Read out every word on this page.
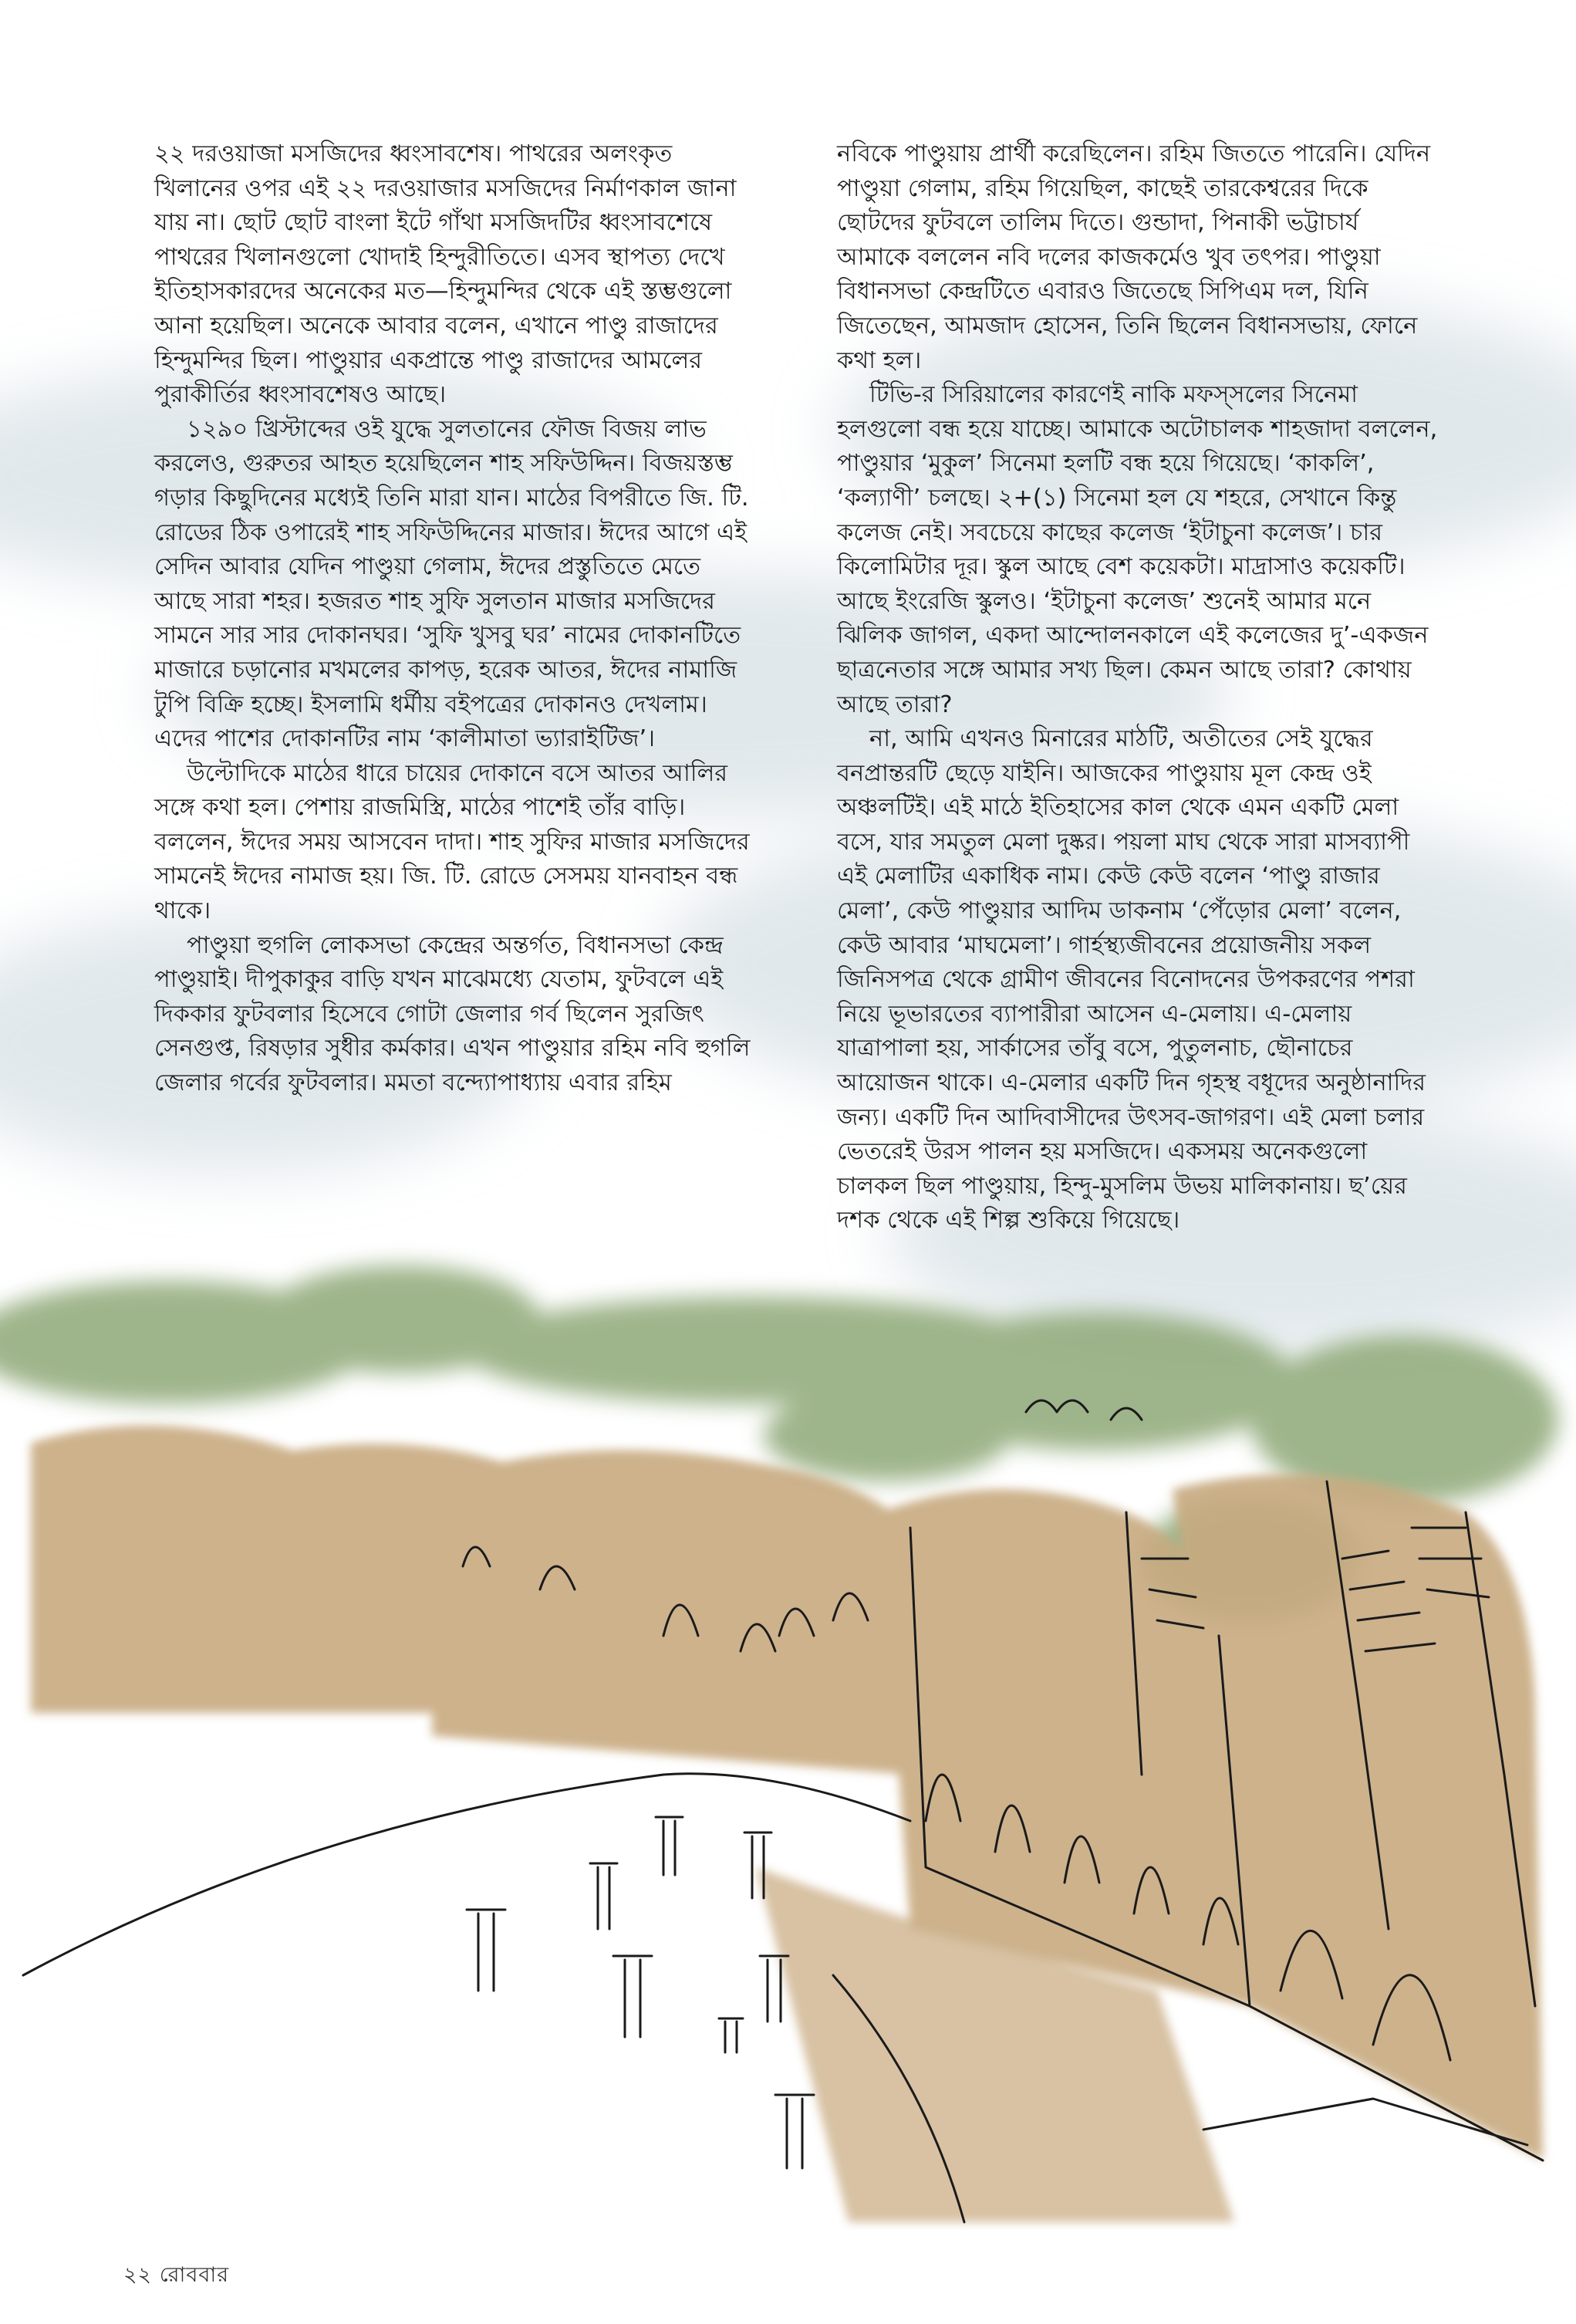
২২ দরওয়াজা মসজিদের ধ্বংসাবশেষ। পাথরের অলংকৃত খিলানের ওপর এই ২২ দরওয়াজার মসজিদের নির্মাণকাল জানা যায় না। ছোট ছোট বাংলা ইটে গাঁথা মসজিদটির ধ্বংসাবশেষে পাথরের খিলানগুলো খোদাই হিন্দুরীতিতে। এসব স্থাপত্য দেখে ইতিহাসকারদের অনেকের মত—হিন্দুমন্দির থেকে এই স্তম্ভগুলো আনা হয়েছিল। অনেকে আবার বলেন, এখানে পাণ্ডু রাজাদের হিন্দুমন্দির ছিল। পাণ্ডুয়ার একপ্রান্তে পাণ্ডু রাজাদের আমলের পুরাকীর্তির ধ্বংসাবশেষও আছে।

১২৯০ খ্রিস্টাব্দের ওই যুদ্ধে সুলতানের ফৌজ বিজয় লাভ করলেও, গুরুতর আহত হয়েছিলেন শাহ সফিউদ্দিন। বিজয়স্তম্ভ গড়ার কিছুদিনের মধ্যেই তিনি মারা যান। মাঠের বিপরীতে জি. টি. রোডের ঠিক ওপারেই শাহ সফিউদ্দিনের মাজার। ঈদের আগে এই সেদিন আবার যেদিন পাণ্ডুয়া গেলাম, ঈদের প্রস্তুতিতে মেতে আছে সারা শহর। হজরত শাহ সুফি সুলতান মাজার মসজিদের সামনে সার সার দোকানঘর। ‘সুফি খুসবু ঘর’ নামের দোকানটিতে মাজারে চড়ানোর মখমলের কাপড়, হরেক আতর, ঈদের নামাজি টুপি বিক্রি হচ্ছে। ইসলামি ধর্মীয় বইপত্রের দোকানও দেখলাম। এদের পাশের দোকানটির নাম ‘কালীমাতা ভ্যারাইটিজ’।

উল্টোদিকে মাঠের ধারে চায়ের দোকানে বসে আতর আলির সঙ্গে কথা হল। পেশায় রাজমিস্ত্রি, মাঠের পাশেই তাঁর বাড়ি। বললেন, ঈদের সময় আসবেন দাদা। শাহ সুফির মাজার মসজিদের সামনেই ঈদের নামাজ হয়। জি. টি. রোডে সেসময় যানবাহন বন্ধ থাকে।

পাণ্ডুয়া হুগলি লোকসভা কেন্দ্রের অন্তর্গত, বিধানসভা কেন্দ্র পাণ্ডুয়াই। দীপুকাকুর বাড়ি যখন মাঝেমধ্যে যেতাম, ফুটবলে এই দিককার ফুটবলার হিসেবে গোটা জেলার গর্ব ছিলেন সুরজিৎ সেনগুপ্ত, রিষড়ার সুধীর কর্মকার। এখন পাণ্ডুয়ার রহিম নবি হুগলি জেলার গর্বের ফুটবলার। মমতা বন্দ্যোপাধ্যায় এবার রহিম

নবিকে পাণ্ডুয়ায় প্রার্থী করেছিলেন। রহিম জিততে পারেনি। যেদিন পাণ্ডুয়া গেলাম, রহিম গিয়েছিল, কাছেই তারকেশ্বরের দিকে ছোটদের ফুটবলে তালিম দিতে। গুন্ডাদা, পিনাকী ভট্টাচার্য আমাকে বললেন নবি দলের কাজকর্মেও খুব তৎপর। পাণ্ডুয়া বিধানসভা কেন্দ্রটিতে এবারও জিতেছে সিপিএম দল, যিনি জিতেছেন, আমজাদ হোসেন, তিনি ছিলেন বিধানসভায়, ফোনে কথা হল।

টিভি-র সিরিয়ালের কারণেই নাকি মফস্সলের সিনেমা হলগুলো বন্ধ হয়ে যাচ্ছে। আমাকে অটোচালক শাহজাদা বললেন, পাণ্ডুয়ার ‘মুকুল’ সিনেমা হলটি বন্ধ হয়ে গিয়েছে। ‘কাকলি’, ‘কল্যাণী’ চলছে। ২+(১) সিনেমা হল যে শহরে, সেখানে কিন্তু কলেজ নেই। সবচেয়ে কাছের কলেজ ‘ইটাচুনা কলেজ’। চার কিলোমিটার দূর। স্কুল আছে বেশ কয়েকটা। মাদ্রাসাও কয়েকটি। আছে ইংরেজি স্কুলও। ‘ইটাচুনা কলেজ’ শুনেই আমার মনে ঝিলিক জাগল, একদা আন্দোলনকালে এই কলেজের দু’-একজন ছাত্রনেতার সঙ্গে আমার সখ্য ছিল। কেমন আছে তারা? কোথায় আছে তারা?

না, আমি এখনও মিনারের মাঠটি, অতীতের সেই যুদ্ধের বনপ্রান্তরটি ছেড়ে যাইনি। আজকের পাণ্ডুয়ায় মূল কেন্দ্র ওই অঞ্চলটিই। এই মাঠে ইতিহাসের কাল থেকে এমন একটি মেলা বসে, যার সমতুল মেলা দুষ্কর। পয়লা মাঘ থেকে সারা মাসব্যাপী এই মেলাটির একাধিক নাম। কেউ কেউ বলেন ‘পাণ্ডু রাজার মেলা’, কেউ পাণ্ডুয়ার আদিম ডাকনাম ‘পেঁড়োর মেলা’ বলেন, কেউ আবার ‘মাঘমেলা’। গার্হস্থ্যজীবনের প্রয়োজনীয় সকল জিনিসপত্র থেকে গ্রামীণ জীবনের বিনোদনের উপকরণের পশরা নিয়ে ভূভারতের ব্যাপারীরা আসেন এ-মেলায়। এ-মেলায় যাত্রাপালা হয়, সার্কাসের তাঁবু বসে, পুতুলনাচ, ছৌনাচের আয়োজন থাকে। এ-মেলার একটি দিন গৃহস্থ বধূদের অনুষ্ঠানাদির জন্য। একটি দিন আদিবাসীদের উৎসব-জাগরণ। এই মেলা চলার ভেতরেই উরস পালন হয় মসজিদে। একসময় অনেকগুলো চালকল ছিল পাণ্ডুয়ায়, হিন্দু-মুসলিম উভয় মালিকানায়। ছ’য়ের দশক থেকে এই শিল্প শুকিয়ে গিয়েছে।

২২ রোববার
